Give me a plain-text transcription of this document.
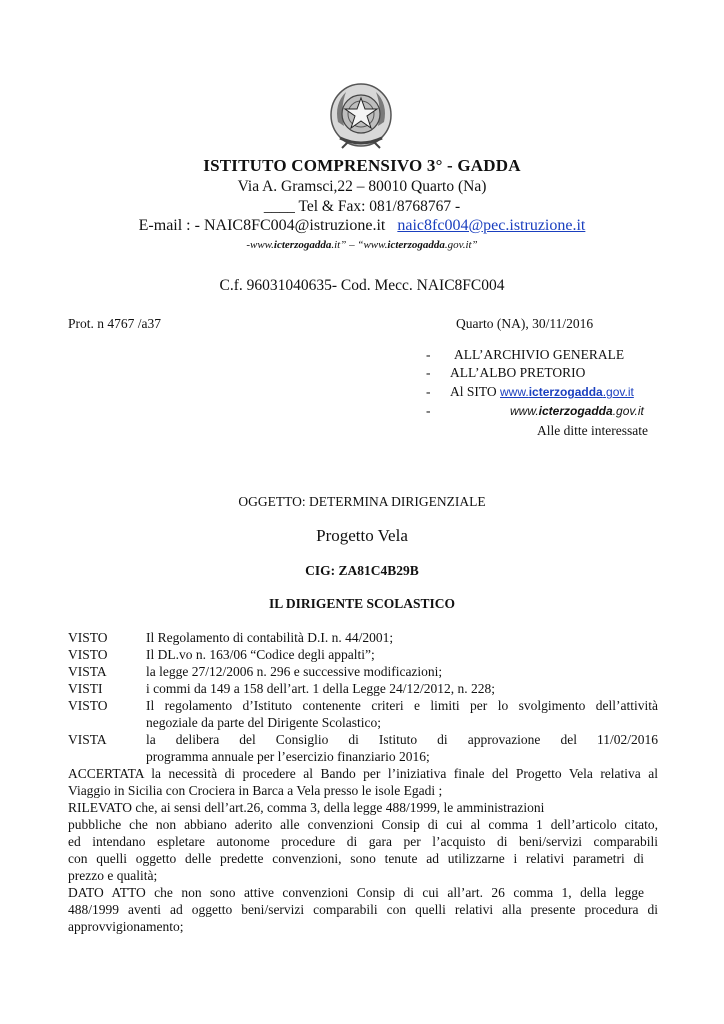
ISTITUTO COMPRENSIVO 3° - GADDA
Via A. Gramsci,22 – 80010 Quarto (Na)
____ Tel & Fax: 081/8768767 -
E-mail : - NAIC8FC004@istruzione.it naic8fc004@pec.istruzione.it
-www.icterzogadda.it” – “www.icterzogadda.gov.it”
C.f. 96031040635- Cod. Mecc. NAIC8FC004
Prot. n 4767 /a37	Quarto (NA), 30/11/2016
- ALL’ARCHIVIO GENERALE
- ALL’ALBO PRETORIO
- Al SITO www.icterzogadda.gov.it
-	www.icterzogadda.gov.it
Alle ditte interessate
OGGETTO: DETERMINA DIRIGENZIALE
Progetto Vela
CIG: ZA81C4B29B
IL DIRIGENTE SCOLASTICO
VISTO	Il Regolamento di contabilità D.I. n. 44/2001;
VISTO	Il DL.vo n. 163/06 “Codice degli appalti”;
VISTA	la legge 27/12/2006 n. 296 e successive modificazioni;
VISTI	i commi da 149 a 158 dell’art. 1 della Legge 24/12/2012, n. 228;
VISTO	Il regolamento d’Istituto contenente criteri e limiti per lo svolgimento dell’attività
negoziale da parte del Dirigente Scolastico;
VISTA	la delibera del Consiglio di Istituto di approvazione del 11/02/2016
programma annuale per l’esercizio finanziario 2016;
ACCERTATA la necessità di procedere al Bando per l’iniziativa finale del Progetto Vela relativa al
Viaggio in Sicilia con Crociera in Barca a Vela presso le isole Egadi ;
RILEVATO che, ai sensi dell’art.26, comma 3, della legge 488/1999, le amministrazioni
pubbliche che non abbiano aderito alle convenzioni Consip di cui al comma 1 dell’articolo citato,
ed intendano espletare autonome procedure di gara per l’acquisto di beni/servizi comparabili
con quelli oggetto delle predette convenzioni, sono tenute ad utilizzarne i relativi parametri di
prezzo e qualità;
DATO ATTO che non sono attive convenzioni Consip di cui all’art. 26 comma 1, della legge
488/1999 aventi ad oggetto beni/servizi comparabili con quelli relativi alla presente procedura di
approvvigionamento;
